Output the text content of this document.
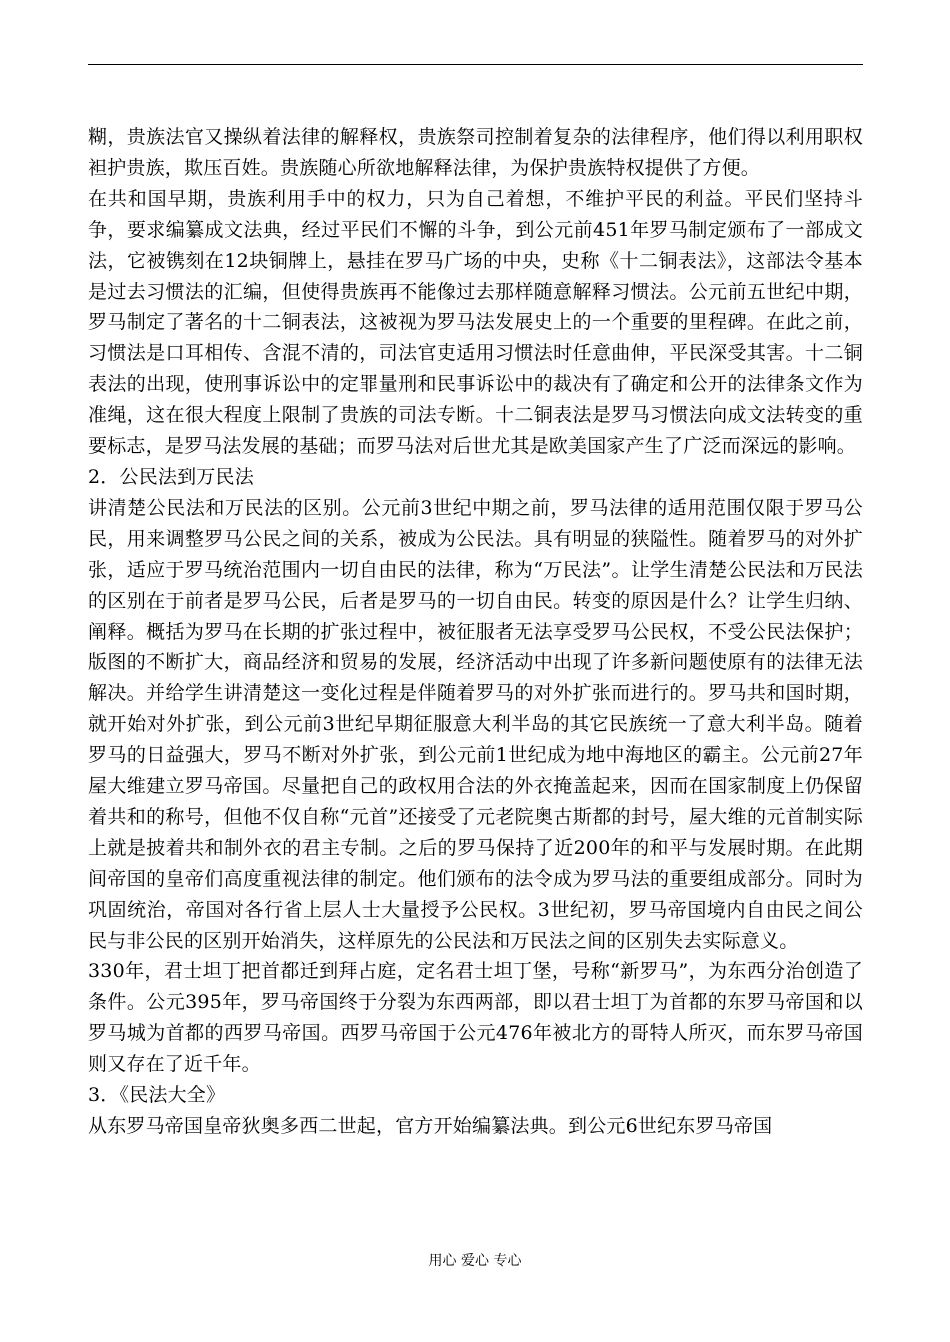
糊，贵族法官又操纵着法律的解释权，贵族祭司控制着复杂的法律程序，他们得以利用职权袒护贵族，欺压百姓。贵族随心所欲地解释法律，为保护贵族特权提供了方便。

在共和国早期，贵族利用手中的权力，只为自己着想，不维护平民的利益。平民们坚持斗争，要求编纂成文法典，经过平民们不懈的斗争，到公元前451年罗马制定颁布了一部成文法，它被镌刻在12块铜牌上，悬挂在罗马广场的中央，史称《十二铜表法》，这部法令基本是过去习惯法的汇编，但使得贵族再不能像过去那样随意解释习惯法。公元前五世纪中期，罗马制定了著名的十二铜表法，这被视为罗马法发展史上的一个重要的里程碑。在此之前，习惯法是口耳相传、含混不清的，司法官吏适用习惯法时任意曲伸，平民深受其害。十二铜表法的出现，使刑事诉讼中的定罪量刑和民事诉讼中的裁决有了确定和公开的法律条文作为准绳，这在很大程度上限制了贵族的司法专断。十二铜表法是罗马习惯法向成文法转变的重要标志，是罗马法发展的基础；而罗马法对后世尤其是欧美国家产生了广泛而深远的影响。

2．公民法到万民法

讲清楚公民法和万民法的区别。公元前3世纪中期之前，罗马法律的适用范围仅限于罗马公民，用来调整罗马公民之间的关系，被成为公民法。具有明显的狭隘性。随着罗马的对外扩张，适应于罗马统治范围内一切自由民的法律，称为“万民法”。让学生清楚公民法和万民法的区别在于前者是罗马公民，后者是罗马的一切自由民。转变的原因是什么？让学生归纳、阐释。概括为罗马在长期的扩张过程中，被征服者无法享受罗马公民权，不受公民法保护；版图的不断扩大，商品经济和贸易的发展，经济活动中出现了许多新问题使原有的法律无法解决。并给学生讲清楚这一变化过程是伴随着罗马的对外扩张而进行的。罗马共和国时期，就开始对外扩张，到公元前3世纪早期征服意大利半岛的其它民族统一了意大利半岛。随着罗马的日益强大，罗马不断对外扩张，到公元前1世纪成为地中海地区的霸主。公元前27年屋大维建立罗马帝国。尽量把自己的政权用合法的外衣掩盖起来，因而在国家制度上仍保留着共和的称号，但他不仅自称“元首”还接受了元老院奥古斯都的封号，屋大维的元首制实际上就是披着共和制外衣的君主专制。之后的罗马保持了近200年的和平与发展时期。在此期间帝国的皇帝们高度重视法律的制定。他们颁布的法令成为罗马法的重要组成部分。同时为巩固统治，帝国对各行省上层人士大量授予公民权。3世纪初，罗马帝国境内自由民之间公民与非公民的区别开始消失，这样原先的公民法和万民法之间的区别失去实际意义。

330年，君士坦丁把首都迁到拜占庭，定名君士坦丁堡，号称“新罗马”，为东西分治创造了条件。公元395年，罗马帝国终于分裂为东西两部，即以君士坦丁为首都的东罗马帝国和以罗马城为首都的西罗马帝国。西罗马帝国于公元476年被北方的哥特人所灭，而东罗马帝国则又存在了近千年。

3．《民法大全》

从东罗马帝国皇帝狄奥多西二世起，官方开始编纂法典。到公元6世纪东罗马帝国

用心 爱心 专心
